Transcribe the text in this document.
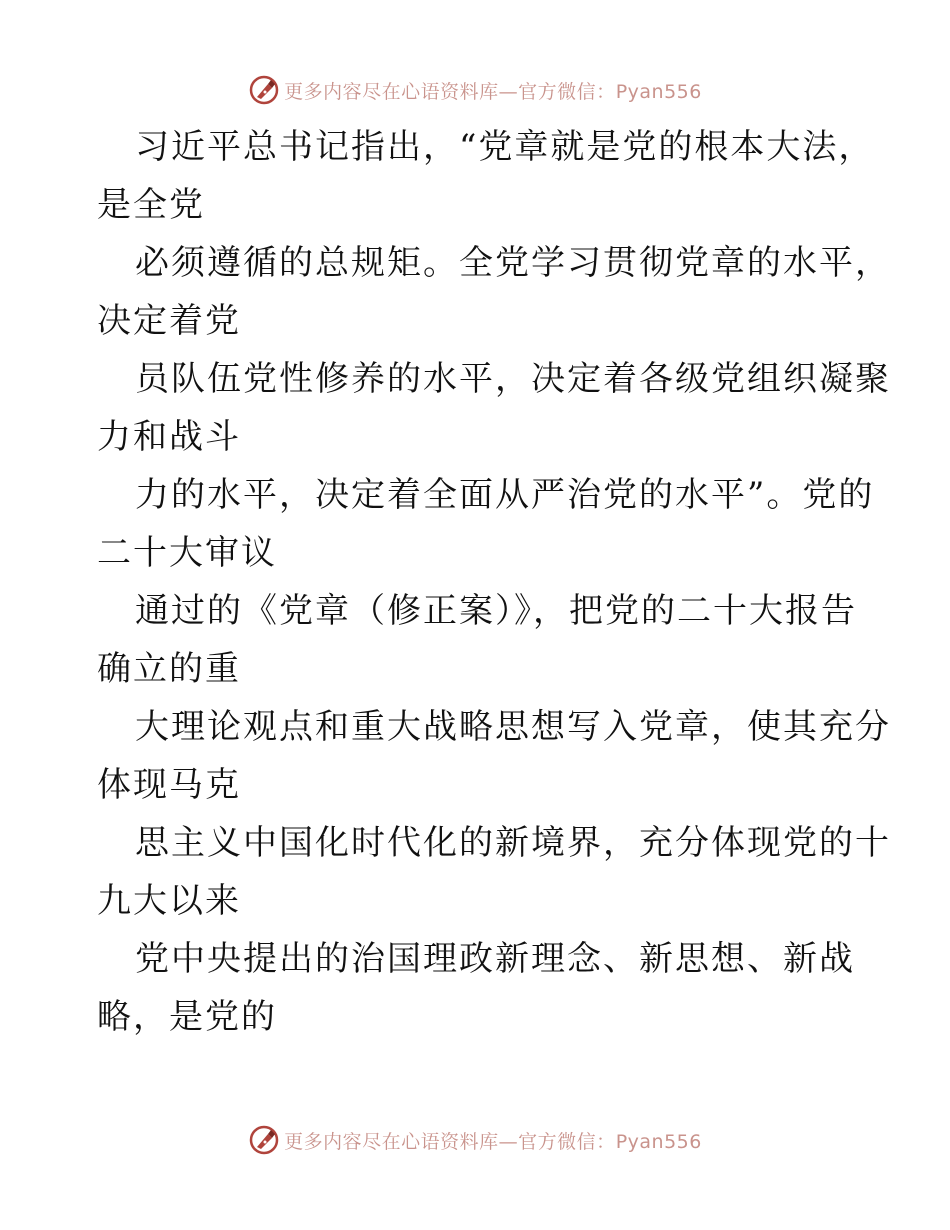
更多内容尽在心语资料库—官方微信：Pyan556
习近平总书记指出，“党章就是党的根本大法，
是全党
必须遵循的总规矩。全党学习贯彻党章的水平，
决定着党
员队伍党性修养的水平，决定着各级党组织凝聚
力和战斗
力的水平，决定着全面从严治党的水平”。党的
二十大审议
通过的《党章（修正案）》，把党的二十大报告
确立的重
大理论观点和重大战略思想写入党章，使其充分
体现马克
思主义中国化时代化的新境界，充分体现党的十
九大以来
党中央提出的治国理政新理念、新思想、新战
略，是党的
更多内容尽在心语资料库—官方微信：Pyan556
